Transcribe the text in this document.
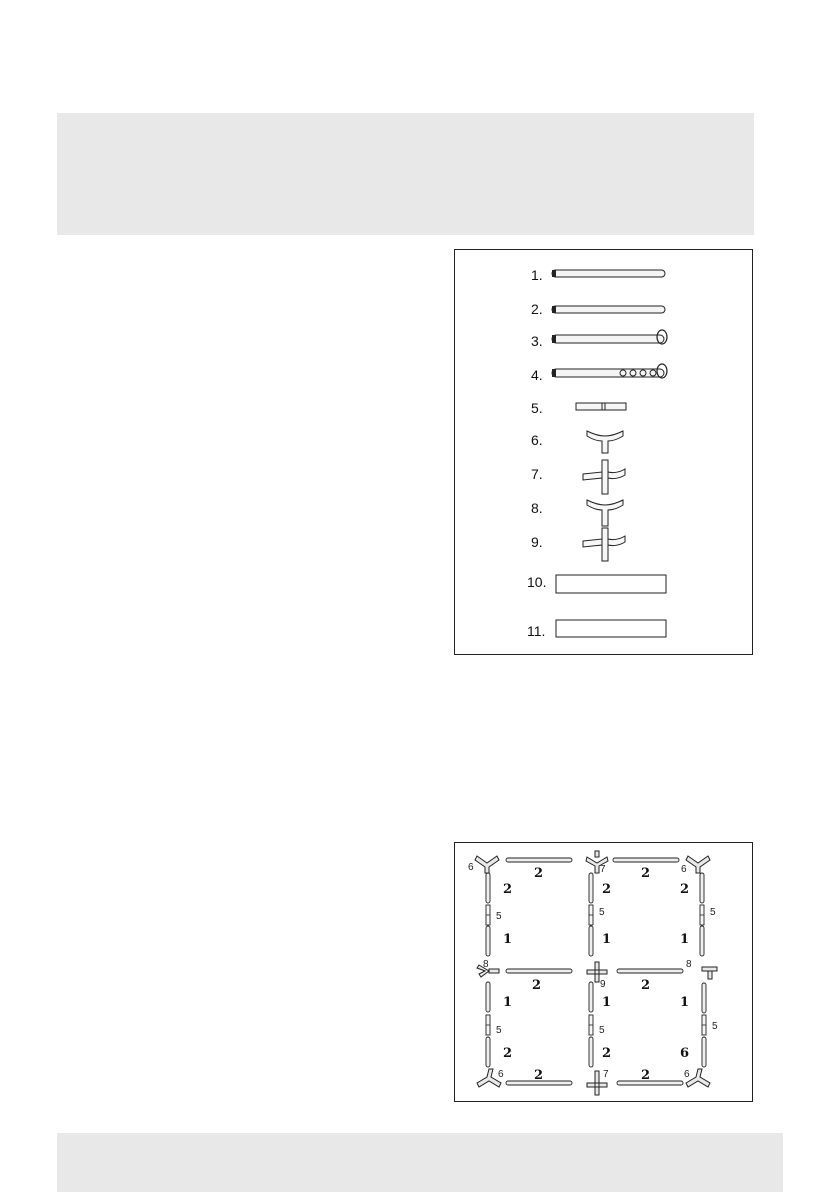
1.
2.
3.
4.
5.
6.
7.
8.
9.
10.
11.
6	2	7	6
2
2	2	2
5	5	5
1	1	1
8
9
8
2	2
1	1	1
5	5	5
2	2	6
6	7	6
2	2
